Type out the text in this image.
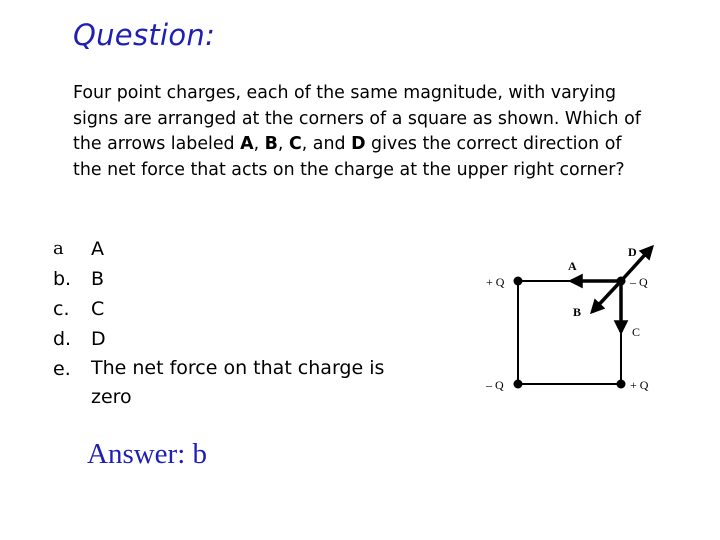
Question:
Four point charges, each of the same magnitude, with varying signs are arranged at the corners of a square as shown. Which of the arrows labeled A, B, C, and D gives the correct direction of the net force that acts on the charge at the upper right corner?
a	A
b.	B
c.	C
d.	D
e.	The net force on that charge is
zero
Answer: b
+ Q	– Q
– Q	+ Q
A
B
C
D
